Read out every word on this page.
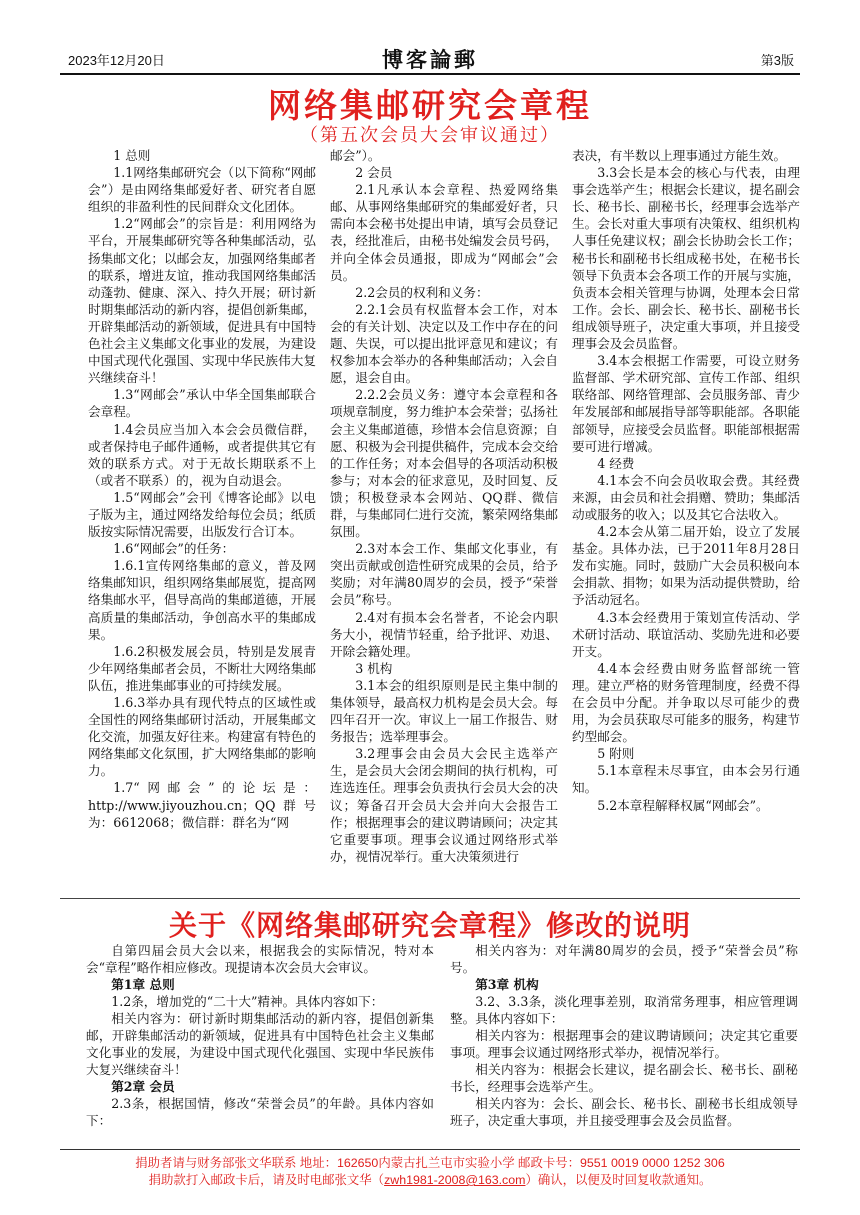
2023年12月20日	博客論郵	第3版
网络集邮研究会章程
（第五次会员大会审议通过）

1 总则

1.1网络集邮研究会（以下简称“网邮会”）是由网络集邮爱好者、研究者自愿组织的非盈利性的民间群众文化团体。

1.2“网邮会”的宗旨是：利用网络为平台，开展集邮研究等各种集邮活动，弘扬集邮文化；以邮会友，加强网络集邮者的联系，增进友谊，推动我国网络集邮活动蓬勃、健康、深入、持久开展；研讨新时期集邮活动的新内容，提倡创新集邮，开辟集邮活动的新领域，促进具有中国特色社会主义集邮文化事业的发展，为建设中国式现代化强国、实现中华民族伟大复兴继续奋斗！

1.3“网邮会”承认中华全国集邮联合会章程。

1.4会员应当加入本会会员微信群，或者保持电子邮件通畅，或者提供其它有效的联系方式。对于无故长期联系不上（或者不联系）的，视为自动退会。

1.5“网邮会”会刊《博客论邮》以电子版为主，通过网络发给每位会员；纸质版按实际情况需要，出版发行合订本。

1.6“网邮会”的任务：

1.6.1宣传网络集邮的意义，普及网络集邮知识，组织网络集邮展览，提高网络集邮水平，倡导高尚的集邮道德，开展高质量的集邮活动，争创高水平的集邮成果。

1.6.2积极发展会员，特别是发展青少年网络集邮者会员，不断壮大网络集邮队伍，推进集邮事业的可持续发展。

1.6.3举办具有现代特点的区域性或全国性的网络集邮研讨活动，开展集邮文化交流，加强友好往来。构建富有特色的网络集邮文化氛围，扩大网络集邮的影响力。

1.7“网邮会”的论坛是：http://www.jiyouzhou.cn；QQ群号为：6612068；微信群：群名为“网

邮会”）。

2 会员

2.1凡承认本会章程、热爱网络集邮、从事网络集邮研究的集邮爱好者，只需向本会秘书处提出申请，填写会员登记表，经批准后，由秘书处编发会员号码，并向全体会员通报，即成为“网邮会”会员。

2.2会员的权利和义务：

2.2.1会员有权监督本会工作，对本会的有关计划、决定以及工作中存在的问题、失误，可以提出批评意见和建议；有权参加本会举办的各种集邮活动；入会自愿，退会自由。

2.2.2会员义务：遵守本会章程和各项规章制度，努力维护本会荣誉；弘扬社会主义集邮道德，珍惜本会信息资源；自愿、积极为会刊提供稿件，完成本会交给的工作任务；对本会倡导的各项活动积极参与；对本会的征求意见，及时回复、反馈；积极登录本会网站、QQ群、微信群，与集邮同仁进行交流，繁荣网络集邮氛围。

2.3对本会工作、集邮文化事业，有突出贡献或创造性研究成果的会员，给予奖励；对年满80周岁的会员，授予“荣誉会员”称号。

2.4对有损本会名誉者，不论会内职务大小，视情节轻重，给予批评、劝退、开除会籍处理。

3 机构

3.1本会的组织原则是民主集中制的集体领导，最高权力机构是会员大会。每四年召开一次。审议上一届工作报告、财务报告；选举理事会。

3.2理事会由会员大会民主选举产生，是会员大会闭会期间的执行机构，可连选连任。理事会负责执行会员大会的决议；筹备召开会员大会并向大会报告工作；根据理事会的建议聘请顾问；决定其它重要事项。理事会议通过网络形式举办，视情况举行。重大决策须进行

表决，有半数以上理事通过方能生效。

3.3会长是本会的核心与代表，由理事会选举产生；根据会长建议，提名副会长、秘书长、副秘书长，经理事会选举产生。会长对重大事项有决策权、组织机构人事任免建议权；副会长协助会长工作；秘书长和副秘书长组成秘书处，在秘书长领导下负责本会各项工作的开展与实施，负责本会相关管理与协调，处理本会日常工作。会长、副会长、秘书长、副秘书长组成领导班子，决定重大事项，并且接受理事会及会员监督。

3.4本会根据工作需要，可设立财务监督部、学术研究部、宣传工作部、组织联络部、网络管理部、会员服务部、青少年发展部和邮展指导部等职能部。各职能部领导，应接受会员监督。职能部根据需要可进行增减。

4 经费

4.1本会不向会员收取会费。其经费来源，由会员和社会捐赠、赞助；集邮活动或服务的收入；以及其它合法收入。

4.2本会从第二届开始，设立了发展基金。具体办法，已于2011年8月28日发布实施。同时，鼓励广大会员积极向本会捐款、捐物；如果为活动提供赞助，给予活动冠名。

4.3本会经费用于策划宣传活动、学术研讨活动、联谊活动、奖励先进和必要开支。

4.4本会经费由财务监督部统一管理。建立严格的财务管理制度，经费不得在会员中分配。并争取以尽可能少的费用，为会员获取尽可能多的服务，构建节约型邮会。

5 附则

5.1本章程未尽事宜，由本会另行通知。

5.2本章程解释权属“网邮会”。

关于《网络集邮研究会章程》修改的说明

自第四届会员大会以来，根据我会的实际情况，特对本会“章程”略作相应修改。现提请本次会员大会审议。

第1章 总则

1.2条，增加党的“二十大”精神。具体内容如下：

相关内容为：研讨新时期集邮活动的新内容，提倡创新集邮，开辟集邮活动的新领域，促进具有中国特色社会主义集邮文化事业的发展，为建设中国式现代化强国、实现中华民族伟大复兴继续奋斗！

第2章 会员

2.3条，根据国情，修改“荣誉会员”的年龄。具体内容如下：

相关内容为：对年满80周岁的会员，授予“荣誉会员”称号。

第3章 机构

3.2、3.3条，淡化理事差别，取消常务理事，相应管理调整。具体内容如下：

相关内容为：根据理事会的建议聘请顾问；决定其它重要事项。理事会议通过网络形式举办，视情况举行。

相关内容为：根据会长建议，提名副会长、秘书长、副秘书长，经理事会选举产生。

相关内容为：会长、副会长、秘书长、副秘书长组成领导班子，决定重大事项，并且接受理事会及会员监督。

捐助者请与财务部张文华联系 地址：162650内蒙古扎兰屯市实验小学 邮政卡号：9551 0019 0000 1252 306
捐助款打入邮政卡后，请及时电邮张文华（zwh1981-2008@163.com）确认，以便及时回复收款通知。
